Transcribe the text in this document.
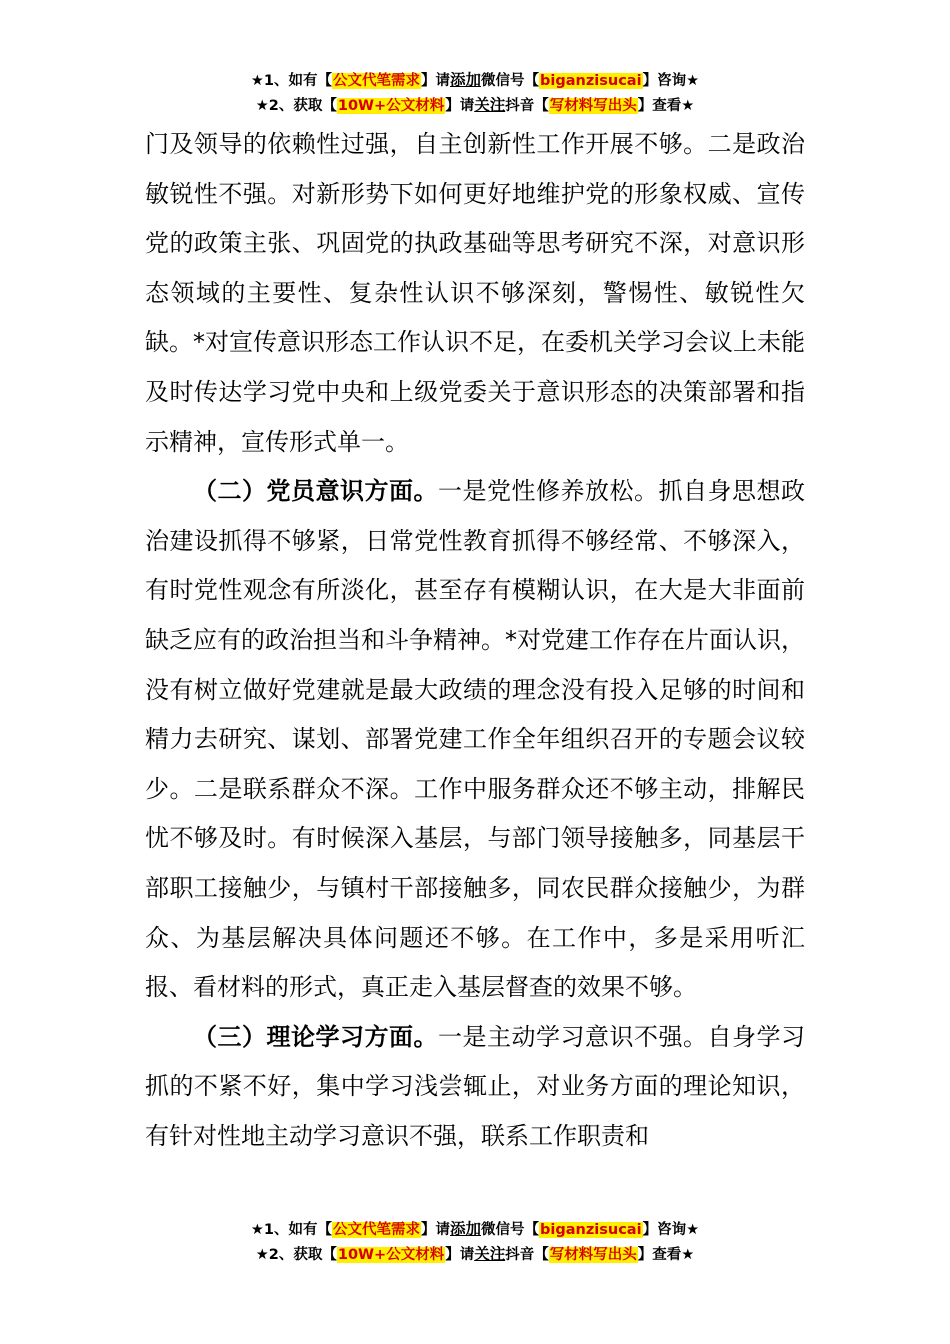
★1、如有【公文代笔需求】请添加微信号【biganzisucai】咨询★
★2、获取【10W+公文材料】请关注抖音【写材料写出头】查看★

门及领导的依赖性过强，自主创新性工作开展不够。二是政治敏锐性不强。对新形势下如何更好地维护党的形象权威、宣传党的政策主张、巩固党的执政基础等思考研究不深，对意识形态领域的主要性、复杂性认识不够深刻，警惕性、敏锐性欠缺。*对宣传意识形态工作认识不足，在委机关学习会议上未能及时传达学习党中央和上级党委关于意识形态的决策部署和指示精神，宣传形式单一。

（二）党员意识方面。一是党性修养放松。抓自身思想政治建设抓得不够紧，日常党性教育抓得不够经常、不够深入，有时党性观念有所淡化，甚至存有模糊认识，在大是大非面前缺乏应有的政治担当和斗争精神。*对党建工作存在片面认识，没有树立做好党建就是最大政绩的理念没有投入足够的时间和精力去研究、谋划、部署党建工作全年组织召开的专题会议较少。二是联系群众不深。工作中服务群众还不够主动，排解民忧不够及时。有时候深入基层，与部门领导接触多，同基层干部职工接触少，与镇村干部接触多，同农民群众接触少，为群众、为基层解决具体问题还不够。在工作中，多是采用听汇报、看材料的形式，真正走入基层督查的效果不够。

（三）理论学习方面。一是主动学习意识不强。自身学习抓的不紧不好，集中学习浅尝辄止，对业务方面的理论知识，有针对性地主动学习意识不强，联系工作职责和

★1、如有【公文代笔需求】请添加微信号【biganzisucai】咨询★
★2、获取【10W+公文材料】请关注抖音【写材料写出头】查看★
